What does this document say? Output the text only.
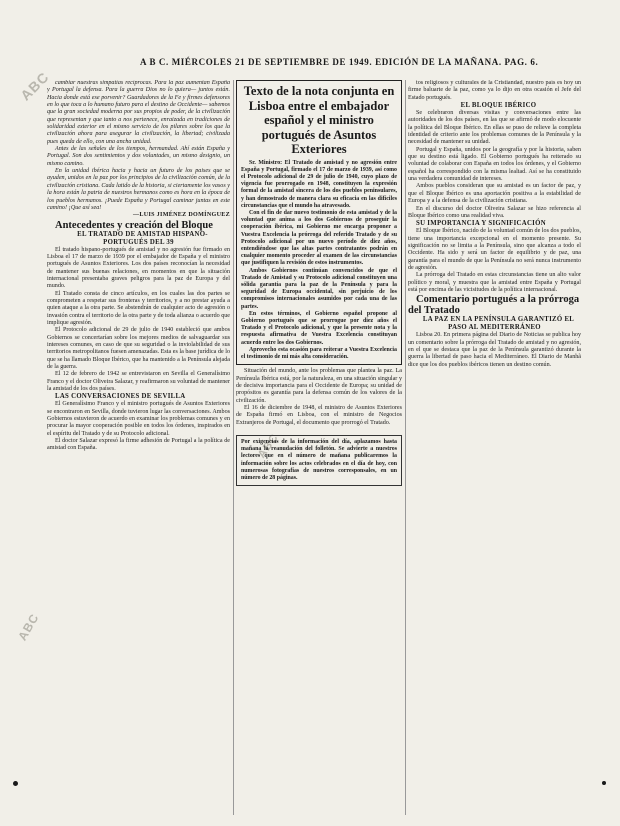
ABC
ABC
ABC
A B C. MIÉRCOLES 21 DE SEPTIEMBRE DE 1949. EDICIÓN DE LA MAÑANA. PAG. 6.

cambiar nuestras simpatías recíprocas. Para la paz aumentan España y Portugal la defensa. Para la guerra Dios no lo quiera— juntos están. Hacia donde está ese porvenir? Guardadores de la Fe y firmes defensores en lo que toca a lo humano futuro para el destino de Occidente— sabemos que la gran sociedad moderna por sus propios de poder, de la civilización que representan y que tanto a nos pertenece, enraizada en tradiciones de solidaridad exterior en el mismo servicio de los pilares sobre los que la civilización ahora para asegurar la civilización, la libertad; civilizada pues queda de ello, con una ancha unidad.

Antes de las señales de los tiempos, hermandad. Ahí están España y Portugal. Son dos sentimientos y dos voluntades, un mismo designio, un mismo camino.

En la unidad ibérica hacia y hacia un futuro de los paises que se ayuden, unidos en la paz por los principios de la civilización común, de la civilización cristiana. Cada latido de la historia, si ciertamente los vasos y la hora están la patria de nuestros hermanos como es hora en la época de los pueblos hermanos. ¡Puede España y Portugal caminar juntas en este camino! ¡Que así sea!

—LUIS JIMÉNEZ DOMÍNGUEZ

Antecedentes y creación del Bloque

EL TRATADO DE AMISTAD HISPANO-PORTUGUÉS DEL 39

El tratado hispano-portugués de amistad y no agresión fue firmado en Lisboa el 17 de marzo de 1939 por el embajador de España y el ministro portugués de Asuntos Exteriores. Los dos países reconocían la necesidad de mantener sus buenas relaciones, en momentos en que la situación internacional presentaba graves peligros para la paz de Europa y del mundo.

El Tratado consta de cinco artículos, en los cuales las dos partes se comprometen a respetar sus fronteras y territorios, y a no prestar ayuda a quien ataque a la otra parte. Se abstendrán de cualquier acto de agresión o invasión contra el territorio de la otra parte y de toda alianza o acuerdo que implique agresión.

El Protocolo adicional de 29 de julio de 1940 estableció que ambos Gobiernos se concertarían sobre los mejores medios de salvaguardar sus intereses comunes, en caso de que su seguridad o la inviolabilidad de sus territorios metropolitanos fuesen amenazadas. Esta es la base jurídica de lo que se ha llamado Bloque Ibérico, que ha mantenido a la Península alejada de la guerra.

El 12 de febrero de 1942 se entrevistaron en Sevilla el Generalísimo Franco y el doctor Oliveira Salazar, y reafirmaron su voluntad de mantener la amistad de los dos países.

LAS CONVERSACIONES DE SEVILLA

El Generalísimo Franco y el ministro portugués de Asuntos Exteriores se encontraron en Sevilla, donde tuvieron lugar las conversaciones. Ambos Gobiernos estuvieron de acuerdo en examinar los problemas comunes y en procurar la mayor cooperación posible en todos los órdenes, inspirados en el espíritu del Tratado y de su Protocolo adicional.

El doctor Salazar expresó la firme adhesión de Portugal a la política de amistad con España.

Texto de la nota conjunta en Lisboa entre el embajador español y el ministro portugués de Asuntos Exteriores

Sr. Ministro: El Tratado de amistad y no agresión entre España y Portugal, firmado el 17 de marzo de 1939, así como el Protocolo adicional de 29 de julio de 1940, cuyo plazo de vigencia fue prorrogado en 1948, constituyen la expresión formal de la amistad sincera de los dos pueblos peninsulares, y han demostrado de manera clara su eficacia en las difíciles circunstancias que el mundo ha atravesado.

Con el fin de dar nuevo testimonio de esta amistad y de la voluntad que anima a los dos Gobiernos de proseguir la cooperación ibérica, mi Gobierno me encarga proponer a Vuestra Excelencia la prórroga del referido Tratado y de su Protocolo adicional por un nuevo período de diez años, entendiéndose que las altas partes contratantes podrán en cualquier momento proceder al examen de las circunstancias que justifiquen la revisión de estos instrumentos.

Ambos Gobiernos continúan convencidos de que el Tratado de Amistad y su Protocolo adicional constituyen una sólida garantía para la paz de la Península y para la seguridad de Europa occidental, sin perjuicio de los compromisos internacionales asumidos por cada una de las partes.

En estos términos, el Gobierno español propone al Gobierno portugués que se prorrogue por diez años el Tratado y el Protocolo adicional, y que la presente nota y la respuesta afirmativa de Vuestra Excelencia constituyan acuerdo entre los dos Gobiernos.

Aprovecho esta ocasión para reiterar a Vuestra Excelencia el testimonio de mi más alta consideración.

Situación del mundo, ante los problemas que plantea la paz. La Península Ibérica está, por la naturaleza, en una situación singular y de decisiva importancia para el Occidente de Europa; su unidad de propósitos es garantía para la defensa común de los valores de la civilización.

El 16 de diciembre de 1948, el ministro de Asuntos Exteriores de España firmó en Lisboa, con el ministro de Negocios Extranjeros de Portugal, el documento que prorrogó el Tratado.

Por exigencias de la información del día, aplazamos hasta mañana la reanudación del folletón. Se advierte a nuestros lectores que en el número de mañana publicaremos la información sobre los actos celebrados en el día de hoy, con numerosas fotografías de nuestros corresponsales, en un número de 28 páginas.

tos religiosos y culturales de la Cristiandad, nuestro país es hoy un firme baluarte de la paz, como ya lo dijo en otra ocasión el Jefe del Estado portugués.

EL BLOQUE IBÉRICO

Se celebraron diversas visitas y conversaciones entre las autoridades de los dos países, en las que se afirmó de modo elocuente la política del Bloque Ibérico. En ellas se puso de relieve la completa identidad de criterio ante los problemas comunes de la Península y la necesidad de mantener su unidad.

Portugal y España, unidos por la geografía y por la historia, saben que su destino está ligado. El Gobierno portugués ha reiterado su voluntad de colaborar con España en todos los órdenes, y el Gobierno español ha correspondido con la misma lealtad. Así se ha constituido una verdadera comunidad de intereses.

Ambos pueblos consideran que su amistad es un factor de paz, y que el Bloque Ibérico es una aportación positiva a la estabilidad de Europa y a la defensa de la civilización cristiana.

En el discurso del doctor Oliveira Salazar se hizo referencia al Bloque Ibérico como una realidad viva.

SU IMPORTANCIA Y SIGNIFICACIÓN

El Bloque Ibérico, nacido de la voluntad común de los dos pueblos, tiene una importancia excepcional en el momento presente. Su significación no se limita a la Península, sino que alcanza a todo el Occidente. Ha sido y será un factor de equilibrio y de paz, una garantía para el mundo de que la Península no será nunca instrumento de agresión.

La prórroga del Tratado en estas circunstancias tiene un alto valor político y moral, y muestra que la amistad entre España y Portugal está por encima de las vicisitudes de la política internacional.

Comentario portugués a la prórroga del Tratado

LA PAZ EN LA PENÍNSULA GARANTIZÓ EL PASO AL MEDITERRÁNEO

Lisboa 20. En primera página del Diario de Noticias se publica hoy un comentario sobre la prórroga del Tratado de amistad y no agresión, en el que se destaca que la paz de la Península garantizó durante la guerra la libertad de paso hacia el Mediterráneo. El Diario de Manhã dice que los dos pueblos ibéricos tienen un destino común.
